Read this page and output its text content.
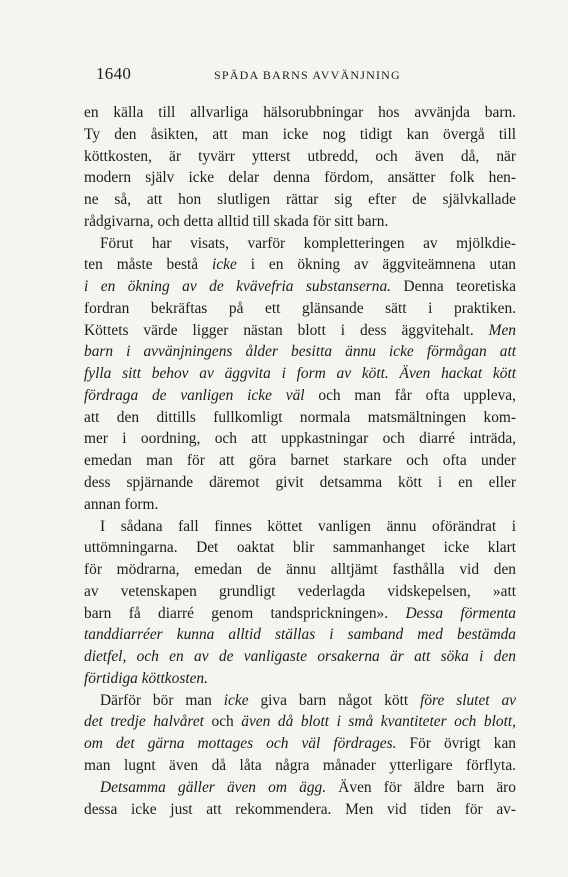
1640	SPÄDA BARNS AVVÄNJNING
en källa till allvarliga hälsorubbningar hos avvänjda barn.
Ty den åsikten, att man icke nog tidigt kan övergå till
köttkosten, är tyvärr ytterst utbredd, och även då, när
modern själv icke delar denna fördom, ansätter folk hen-
ne så, att hon slutligen rättar sig efter de självkallade
rådgivarna, och detta alltid till skada för sitt barn.
Förut har visats, varför kompletteringen av mjölkdie-
ten måste bestå icke i en ökning av äggviteämnena utan
i en ökning av de kvävefria substanserna. Denna teoretiska
fordran bekräftas på ett glänsande sätt i praktiken.
Köttets värde ligger nästan blott i dess äggvitehalt. Men
barn i avvänjningens ålder besitta ännu icke förmågan att
fylla sitt behov av äggvita i form av kött. Även hackat kött
fördraga de vanligen icke väl och man får ofta uppleva,
att den dittills fullkomligt normala matsmältningen kom-
mer i oordning, och att uppkastningar och diarré inträda,
emedan man för att göra barnet starkare och ofta under
dess spjärnande däremot givit detsamma kött i en eller
annan form.
I sådana fall finnes köttet vanligen ännu oförändrat i
uttömningarna. Det oaktat blir sammanhanget icke klart
för mödrarna, emedan de ännu alltjämt fasthålla vid den
av vetenskapen grundligt vederlagda vidskepelsen, »att
barn få diarré genom tandsprickningen». Dessa förmenta
tanddiarréer kunna alltid ställas i samband med bestämda
dietfel, och en av de vanligaste orsakerna är att söka i den
förtidiga köttkosten.
Därför bör man icke giva barn något kött före slutet av
det tredje halvåret och även då blott i små kvantiteter och blott,
om det gärna mottages och väl fördrages. För övrigt kan
man lugnt även då låta några månader ytterligare förflyta.
Detsamma gäller även om ägg. Även för äldre barn äro
dessa icke just att rekommendera. Men vid tiden för av-
